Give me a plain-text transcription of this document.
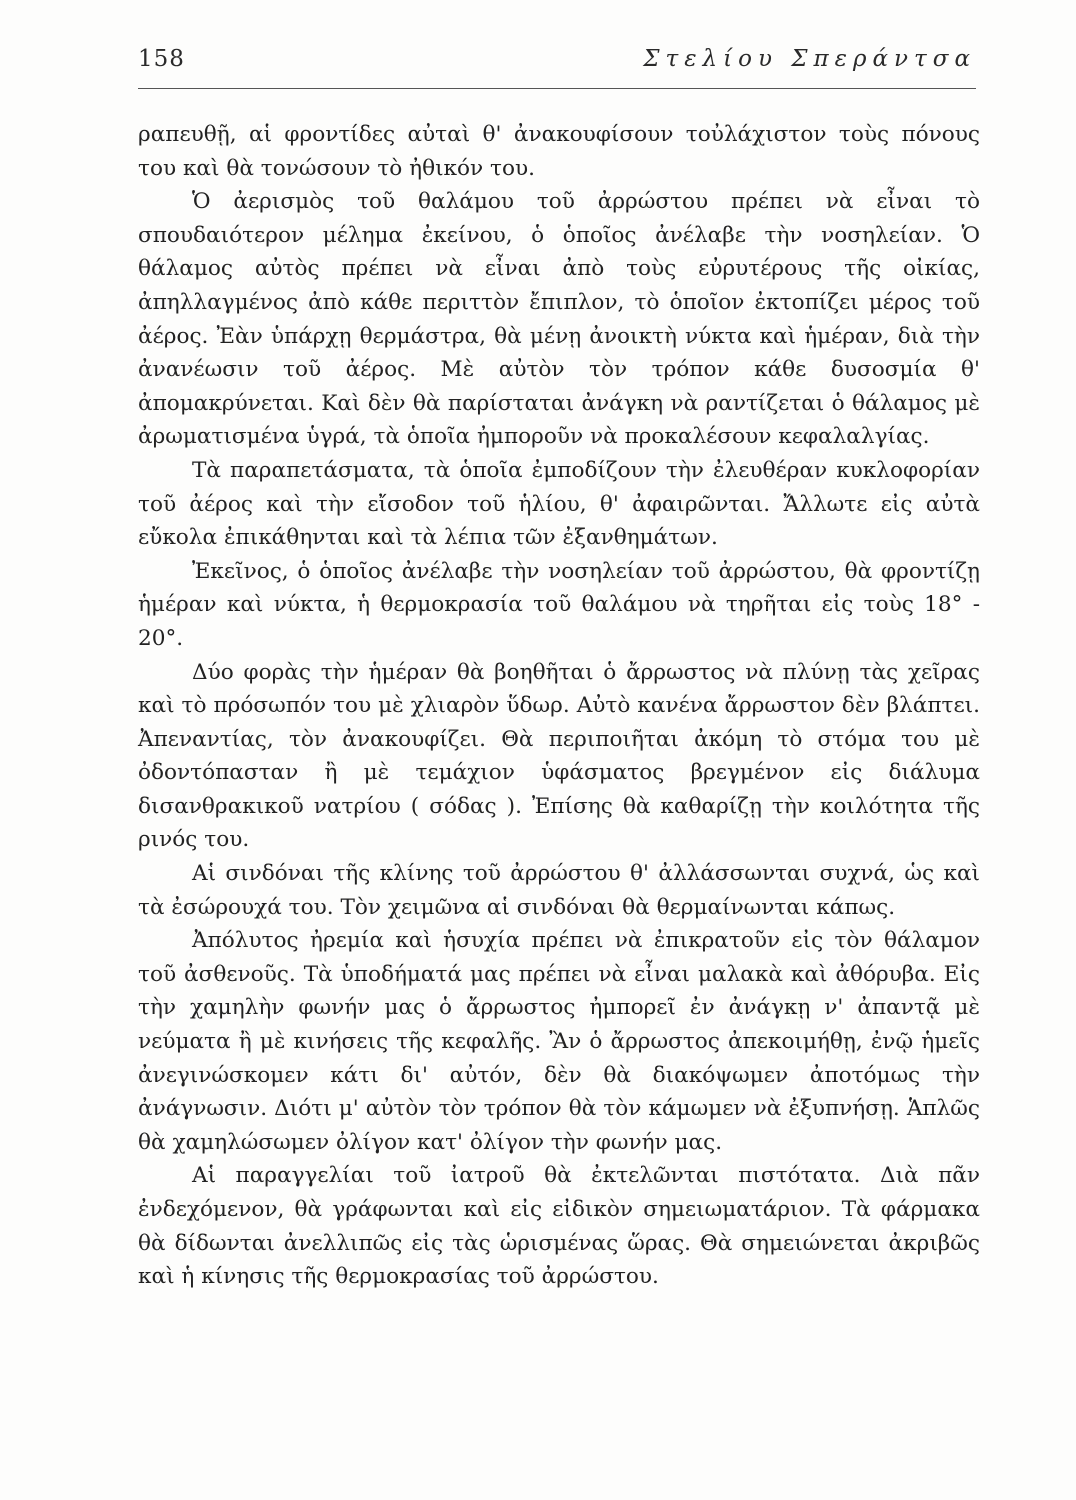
158	Στελίου Σπεράντσα

ραπευθῇ, αἱ φροντίδες αὐταὶ θ' ἀνακουφίσουν τοὐλάχιστον τοὺς πόνους του καὶ θὰ τονώσουν τὸ ἠθικόν του.

Ὁ ἀερισμὸς τοῦ θαλάμου τοῦ ἀρρώστου πρέπει νὰ εἶναι τὸ σπουδαιότερον μέλημα ἐκείνου, ὁ ὁποῖος ἀνέλαβε τὴν νοσηλείαν. Ὁ θάλαμος αὐτὸς πρέπει νὰ εἶναι ἀπὸ τοὺς εὐρυτέρους τῆς οἰκίας, ἀπηλλαγμένος ἀπὸ κάθε περιττὸν ἔπιπλον, τὸ ὁποῖον ἐκτοπίζει μέρος τοῦ ἀέρος. Ἐὰν ὑπάρχῃ θερμάστρα, θὰ μένῃ ἀνοικτὴ νύκτα καὶ ἡμέραν, διὰ τὴν ἀνανέωσιν τοῦ ἀέρος. Μὲ αὐτὸν τὸν τρόπον κάθε δυσοσμία θ' ἀπομακρύνεται. Καὶ δὲν θὰ παρίσταται ἀνάγκη νὰ ραντίζεται ὁ θάλαμος μὲ ἀρωματισμένα ὑγρά, τὰ ὁποῖα ἠμποροῦν νὰ προκαλέσουν κεφαλαλγίας.

Τὰ παραπετάσματα, τὰ ὁποῖα ἐμποδίζουν τὴν ἐλευθέραν κυκλοφορίαν τοῦ ἀέρος καὶ τὴν εἴσοδον τοῦ ἡλίου, θ' ἀφαιρῶνται. Ἄλλωτε εἰς αὐτὰ εὔκολα ἐπικάθηνται καὶ τὰ λέπια τῶν ἐξανθημάτων.

Ἐκεῖνος, ὁ ὁποῖος ἀνέλαβε τὴν νοσηλείαν τοῦ ἀρρώστου, θὰ φροντίζῃ ἡμέραν καὶ νύκτα, ἡ θερμοκρασία τοῦ θαλάμου νὰ τηρῆται εἰς τοὺς 18° - 20°.

Δύο φορὰς τὴν ἡμέραν θὰ βοηθῆται ὁ ἄρρωστος νὰ πλύνῃ τὰς χεῖρας καὶ τὸ πρόσωπόν του μὲ χλιαρὸν ὕδωρ. Αὐτὸ κανένα ἄρρωστον δὲν βλάπτει. Ἀπεναντίας, τὸν ἀνακουφίζει. Θὰ περιποιῆται ἀκόμη τὸ στόμα του μὲ ὀδοντόπασταν ἢ μὲ τεμάχιον ὑφάσματος βρεγμένον εἰς διάλυμα δισανθρακικοῦ νατρίου ( σόδας ). Ἐπίσης θὰ καθαρίζῃ τὴν κοιλότητα τῆς ρινός του.

Αἱ σινδόναι τῆς κλίνης τοῦ ἀρρώστου θ' ἀλλάσσωνται συχνά, ὡς καὶ τὰ ἐσώρουχά του. Τὸν χειμῶνα αἱ σινδόναι θὰ θερμαίνωνται κάπως.

Ἀπόλυτος ἠρεμία καὶ ἡσυχία πρέπει νὰ ἐπικρατοῦν εἰς τὸν θάλαμον τοῦ ἀσθενοῦς. Τὰ ὑποδήματά μας πρέπει νὰ εἶναι μαλακὰ καὶ ἀθόρυβα. Εἰς τὴν χαμηλὴν φωνήν μας ὁ ἄρρωστος ἠμπορεῖ ἐν ἀνάγκῃ ν' ἀπαντᾷ μὲ νεύματα ἢ μὲ κινήσεις τῆς κεφαλῆς. Ἂν ὁ ἄρρωστος ἀπεκοιμήθῃ, ἐνῷ ἡμεῖς ἀνεγινώσκομεν κάτι δι' αὐτόν, δὲν θὰ διακόψωμεν ἀποτόμως τὴν ἀνάγνωσιν. Διότι μ' αὐτὸν τὸν τρόπον θὰ τὸν κάμωμεν νὰ ἐξυπνήσῃ. Ἁπλῶς θὰ χαμηλώσωμεν ὀλίγον κατ' ὀλίγον τὴν φωνήν μας.

Αἱ παραγγελίαι τοῦ ἰατροῦ θὰ ἐκτελῶνται πιστότατα. Διὰ πᾶν ἐνδεχόμενον, θὰ γράφωνται καὶ εἰς εἰδικὸν σημειωματάριον. Τὰ φάρμακα θὰ δίδωνται ἀνελλιπῶς εἰς τὰς ὡρισμένας ὥρας. Θὰ σημειώνεται ἀκριβῶς καὶ ἡ κίνησις τῆς θερμοκρασίας τοῦ ἀρρώστου.
